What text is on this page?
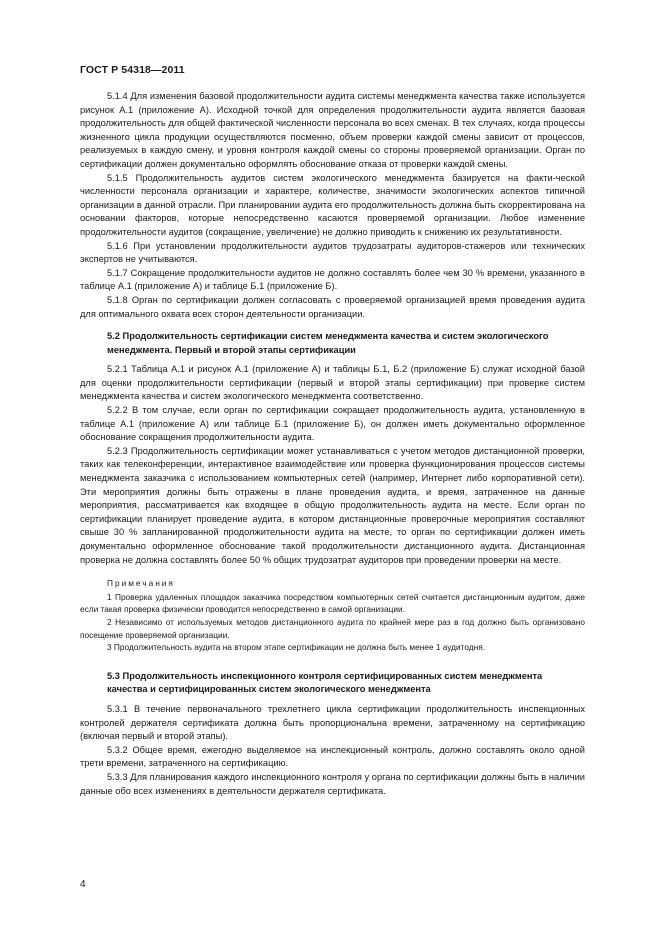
ГОСТ Р 54318—2011

5.1.4 Для изменения базовой продолжительности аудита системы менеджмента качества также используется рисунок А.1 (приложение А). Исходной точкой для определения продолжительности аудита является базовая продолжительность для общей фактической численности персонала во всех сменах. В тех случаях, когда процессы жизненного цикла продукции осуществляются посменно, объем проверки каждой смены зависит от процессов, реализуемых в каждую смену, и уровня контроля каждой смены со стороны проверяемой организации. Орган по сертификации должен документально оформлять обоснование отказа от проверки каждой смены.

5.1.5 Продолжительность аудитов систем экологического менеджмента базируется на факти-ческой численности персонала организации и характере, количестве, значимости экологических аспектов типичной организации в данной отрасли. При планировании аудита его продолжительность должна быть скорректирована на основании факторов, которые непосредственно касаются проверяемой организации. Любое изменение продолжительности аудитов (сокращение, увеличение) не должно приводить к снижению их результативности.

5.1.6 При установлении продолжительности аудитов трудозатраты аудиторов-стажеров или технических экспертов не учитываются.

5.1.7 Сокращение продолжительности аудитов не должно составлять более чем 30 % времени, указанного в таблице А.1 (приложение А) и таблице Б.1 (приложение Б).

5.1.8 Орган по сертификации должен согласовать с проверяемой организацией время проведения аудита для оптимального охвата всех сторон деятельности организации.

5.2 Продолжительность сертификации систем менеджмента качества и систем экологического менеджмента. Первый и второй этапы сертификации

5.2.1 Таблица А.1 и рисунок А.1 (приложение А) и таблицы Б.1, Б.2 (приложение Б) служат исходной базой для оценки продолжительности сертификации (первый и второй этапы сертификации) при проверке систем менеджмента качества и систем экологического менеджмента соответственно.

5.2.2 В том случае, если орган по сертификации сокращает продолжительность аудита, установленную в таблице А.1 (приложение А) или таблице Б.1 (приложение Б), он должен иметь документально оформленное обоснование сокращения продолжительности аудита.

5.2.3 Продолжительность сертификации может устанавливаться с учетом методов дистанционной проверки, таких как телеконференции, интерактивное взаимодействие или проверка функционирования процессов системы менеджмента заказчика с использованием компьютерных сетей (например, Интернет либо корпоративной сети). Эти мероприятия должны быть отражены в плане проведения аудита, и время, затраченное на данные мероприятия, рассматривается как входящее в общую продолжительность аудита на месте. Если орган по сертификации планирует проведение аудита, в котором дистанционные проверочные мероприятия составляют свыше 30 % запланированной продолжительности аудита на месте, то орган по сертификации должен иметь документально оформленное обоснование такой продолжительности дистанционного аудита. Дистанционная проверка не должна составлять более 50 % общих трудозатрат аудиторов при проведении проверки на месте.

Примечания

1 Проверка удаленных площадок заказчика посредством компьютерных сетей считается дистанционным аудитом, даже если такая проверка физически проводится непосредственно в самой организации.

2 Независимо от используемых методов дистанционного аудита по крайней мере раз в год должно быть организовано посещение проверяемой организации.

3 Продолжительность аудита на втором этапе сертификации не должна быть менее 1 аудитодня.

5.3 Продолжительность инспекционного контроля сертифицированных систем менеджмента качества и сертифицированных систем экологического менеджмента

5.3.1 В течение первоначального трехлетнего цикла сертификации продолжительность инспекционных контролей держателя сертификата должна быть пропорциональна времени, затраченному на сертификацию (включая первый и второй этапы).

5.3.2 Общее время, ежегодно выделяемое на инспекционный контроль, должно составлять около одной трети времени, затраченного на сертификацию.

5.3.3 Для планирования каждого инспекционного контроля у органа по сертификации должны быть в наличии данные обо всех изменениях в деятельности держателя сертификата.

4
